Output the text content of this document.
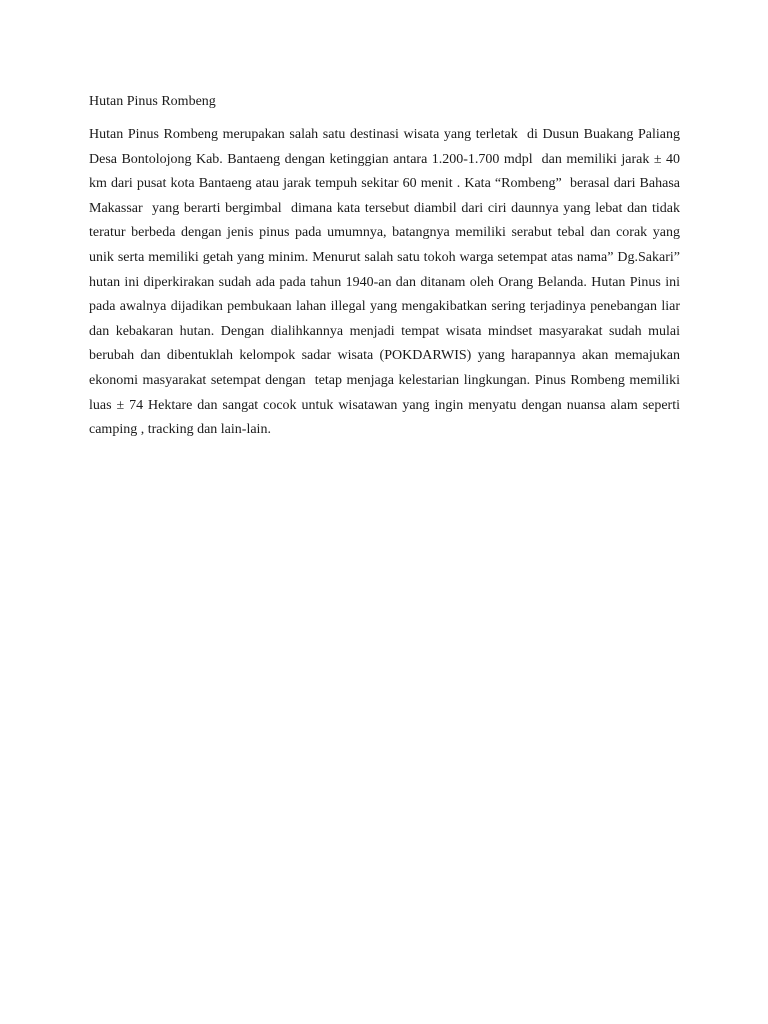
Hutan Pinus Rombeng

Hutan Pinus Rombeng merupakan salah satu destinasi wisata yang terletak  di Dusun Buakang Paliang Desa Bontolojong Kab. Bantaeng dengan ketinggian antara 1.200-1.700 mdpl  dan memiliki jarak ± 40 km dari pusat kota Bantaeng atau jarak tempuh sekitar 60 menit . Kata “Rombeng”  berasal dari Bahasa Makassar  yang berarti bergimbal  dimana kata tersebut diambil dari ciri daunnya yang lebat dan tidak teratur berbeda dengan jenis pinus pada umumnya, batangnya memiliki serabut tebal dan corak yang unik serta memiliki getah yang minim. Menurut salah satu tokoh warga setempat atas nama” Dg.Sakari” hutan ini diperkirakan sudah ada pada tahun 1940-an dan ditanam oleh Orang Belanda. Hutan Pinus ini pada awalnya dijadikan pembukaan lahan illegal yang mengakibatkan sering terjadinya penebangan liar dan kebakaran hutan. Dengan dialihkannya menjadi tempat wisata mindset masyarakat sudah mulai berubah dan dibentuklah kelompok sadar wisata (POKDARWIS) yang harapannya akan memajukan ekonomi masyarakat setempat dengan  tetap menjaga kelestarian lingkungan. Pinus Rombeng memiliki luas ± 74 Hektare dan sangat cocok untuk wisatawan yang ingin menyatu dengan nuansa alam seperti camping , tracking dan lain-lain.
